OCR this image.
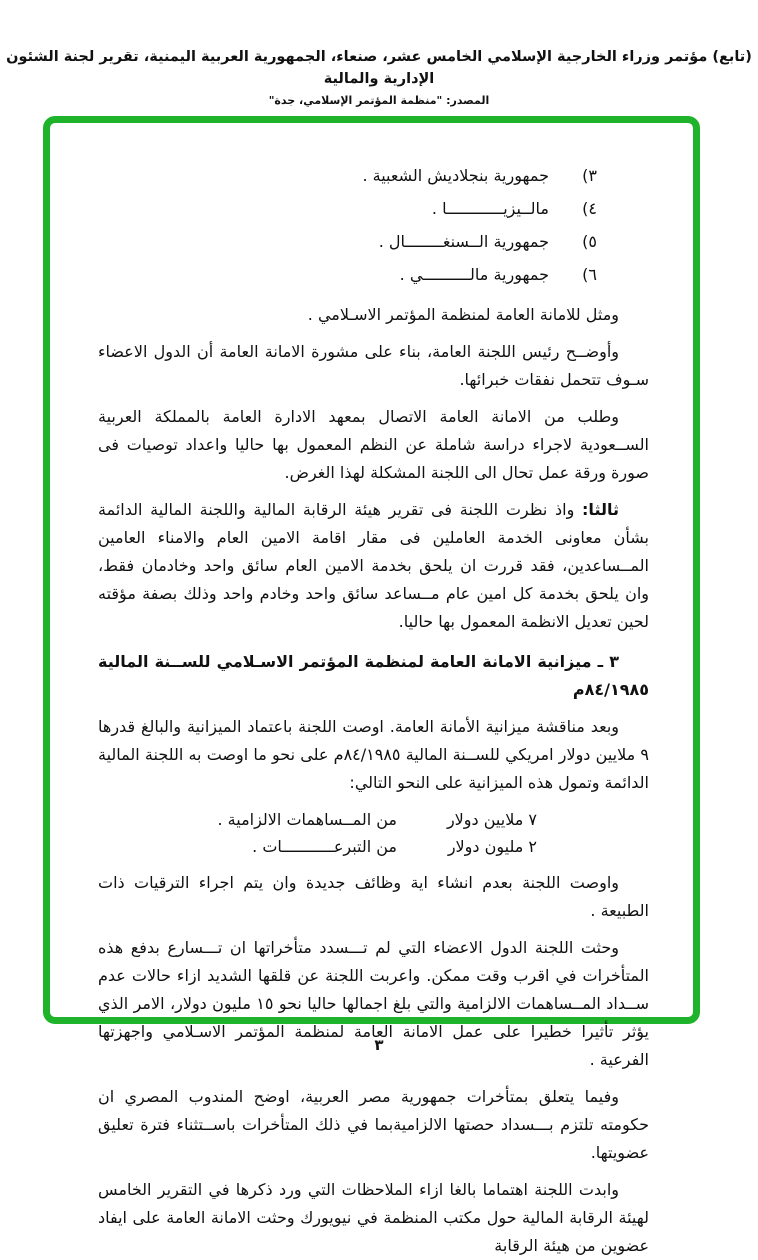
(تابع) مؤتمر وزراء الخارجية الإسلامي الخامس عشر، صنعاء، الجمهورية العربية اليمنية، تقرير لجنة الشئون الإدارية والمالية
المصدر: "منظمة المؤتمر الإسلامي، جدة"
٣)
جمهورية بنجلاديش الشعبية .
٤)
مالــيزيــــــــــــا .
٥)
جمهورية الــسنغــــــــال .
٦)
جمهورية مالــــــــــي .

ومثل للامانة العامة لمنظمة المؤتمر الاسـلامي .

وأوضــح رئيس اللجنة العامة، بناء على مشورة الامانة العامة أن الدول الاعضاء سـوف تتحمل نفقات خبرائها.

وطلب من الامانة العامة الاتصال بمعهد الادارة العامة بالمملكة العربية الســعودية لاجراء دراسة شاملة عن النظم المعمول بها حاليا واعداد توصيات فى صورة ورقة عمل تحال الى اللجنة المشكلة لهذا الغرض.

ثالثا: واذ نظرت اللجنة فى تقرير هيئة الرقابة المالية واللجنة المالية الدائمة بشأن معاونى الخدمة العاملين فى مقار اقامة الامين العام والامناء العامين المــساعدين، فقد قررت ان يلحق بخدمة الامين العام سائق واحد وخادمان فقط، وان يلحق بخدمة كل امين عام مــساعد سائق واحد وخادم واحد وذلك بصفة مؤقته لحين تعديل الانظمة المعمول بها حاليا.

٣ ـ ميزانية الامانة العامة لمنظمة المؤتمر الاسـلامي للســنة المالية ٨٤/١٩٨٥م

وبعد مناقشة ميزانية الأمانة العامة. اوصت اللجنة باعتماد الميزانية والبالغ قدرها ٩ ملايين دولار امريكي للســنة المالية ٨٤/١٩٨٥م على نحو ما اوصت به اللجنة المالية الدائمة وتمول هذه الميزانية على النحو التالي:

٧ ملايين دولار
من المــساهمات الالزامية .
٢ مليون دولار
من التبرعـــــــــــات .

واوصت اللجنة بعدم انشاء اية وظائف جديدة وان يتم اجراء الترقيات ذات الطبيعة .

وحثت اللجنة الدول الاعضاء التي لم تـــسدد متأخراتها ان تـــسارع بدفع هذه المتأخرات في اقرب وقت ممكن. واعربت اللجنة عن قلقها الشديد ازاء حالات عدم ســداد المــساهمات الالزامية والتي بلغ اجمالها حاليا نحو ١٥ مليون دولار، الامر الذي يؤثر تأثيرا خطيرا على عمل الامانة العامة لمنظمة المؤتمر الاسـلامي واجهزتها الفرعية .

وفيما يتعلق بمتأخرات جمهورية مصر العربية، اوضح المندوب المصري ان حكومته تلتزم بـــسداد حصتها الالزاميةبما في ذلك المتأخرات باســتثناء فترة تعليق عضويتها.

وابدت اللجنة اهتماما بالغا ازاء الملاحظات التي ورد ذكرها في التقرير الخامس لهيئة الرقابة المالية حول مكتب المنظمة في نيويورك وحثت الامانة العامة على ايفاد عضوين من هيئة الرقابة

٣
